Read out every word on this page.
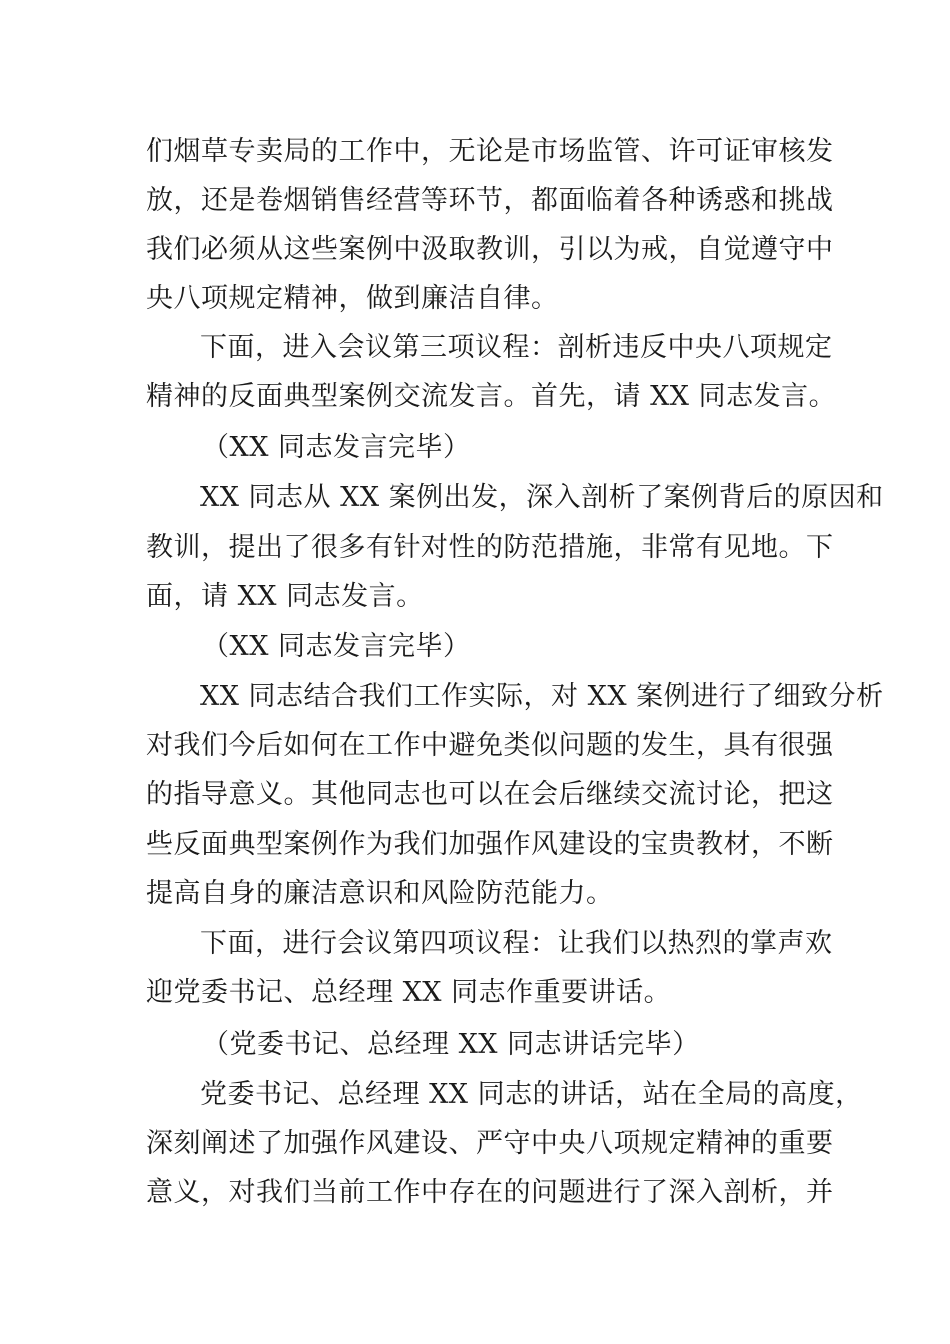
们烟草专卖局的工作中，无论是市场监管、许可证审核发

放，还是卷烟销售经营等环节，都面临着各种诱惑和挑战

我们必须从这些案例中汲取教训，引以为戒，自觉遵守中

央八项规定精神，做到廉洁自律。

下面，进入会议第三项议程：剖析违反中央八项规定

精神的反面典型案例交流发言。首先，请 XX 同志发言。

（XX 同志发言完毕）

XX 同志从 XX 案例出发，深入剖析了案例背后的原因和

教训，提出了很多有针对性的防范措施，非常有见地。下

面，请 XX 同志发言。

（XX 同志发言完毕）

XX 同志结合我们工作实际，对 XX 案例进行了细致分析

对我们今后如何在工作中避免类似问题的发生，具有很强

的指导意义。其他同志也可以在会后继续交流讨论，把这

些反面典型案例作为我们加强作风建设的宝贵教材，不断

提高自身的廉洁意识和风险防范能力。

下面，进行会议第四项议程：让我们以热烈的掌声欢

迎党委书记、总经理 XX 同志作重要讲话。

（党委书记、总经理 XX 同志讲话完毕）

党委书记、总经理 XX 同志的讲话，站在全局的高度，

深刻阐述了加强作风建设、严守中央八项规定精神的重要

意义，对我们当前工作中存在的问题进行了深入剖析，并
